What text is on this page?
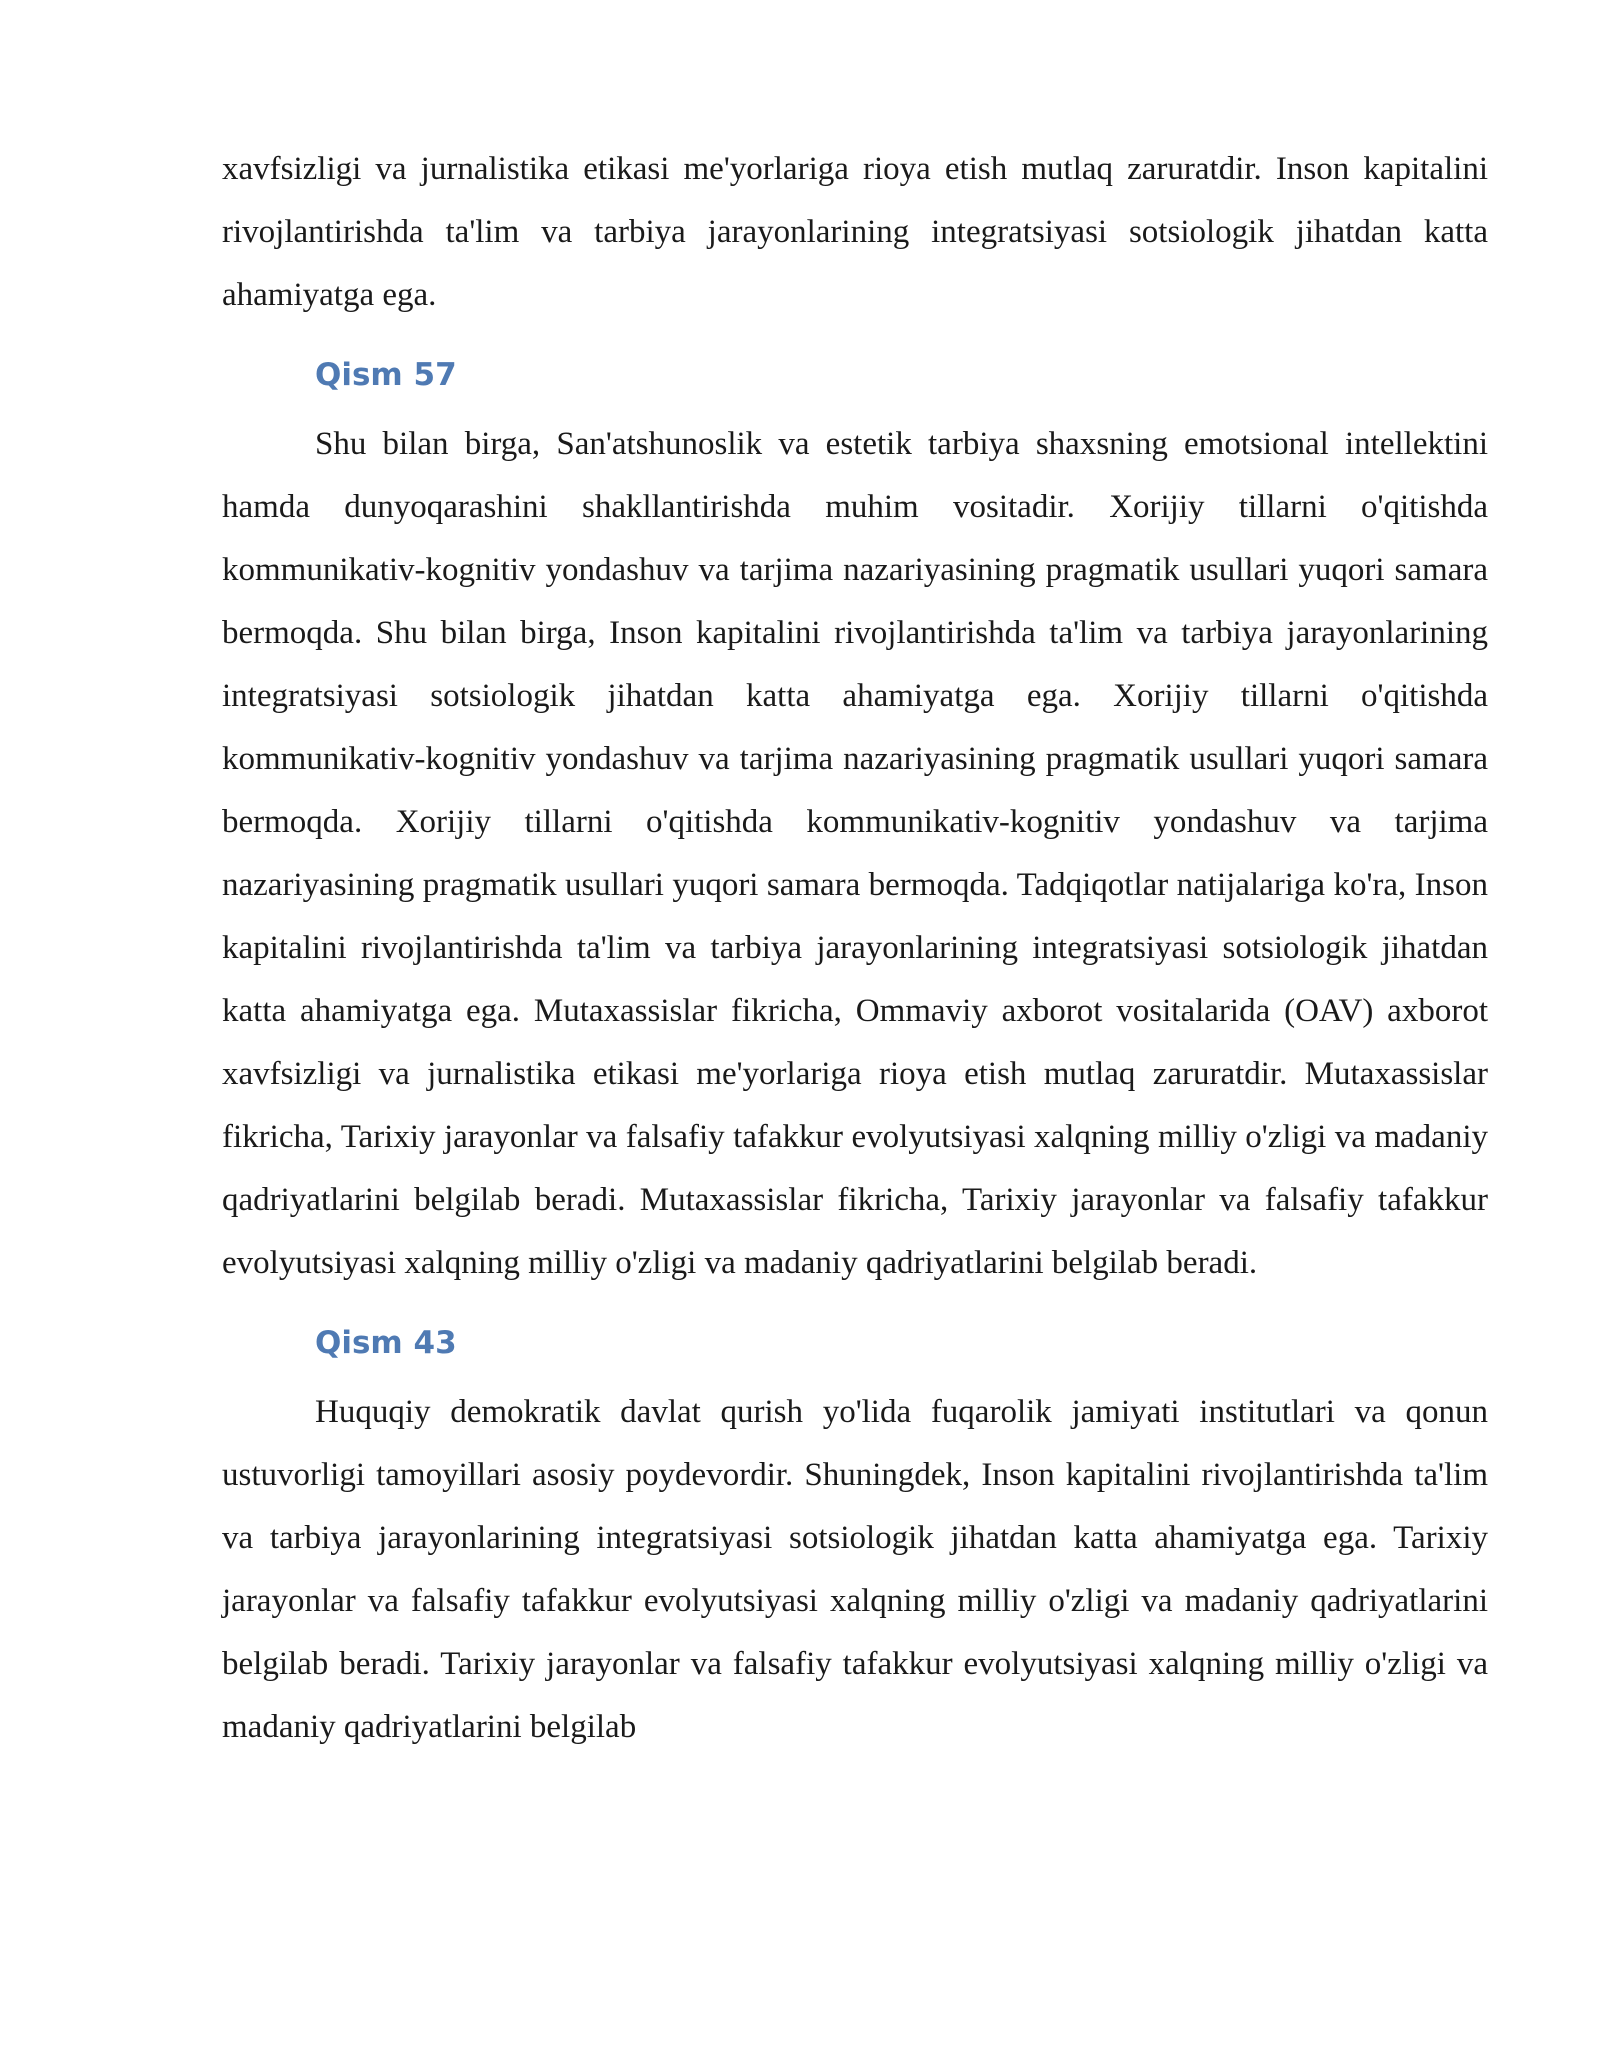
xavfsizligi va jurnalistika etikasi me'yorlariga rioya etish mutlaq zaruratdir. Inson kapitalini rivojlantirishda ta'lim va tarbiya jarayonlarining integratsiyasi sotsiologik jihatdan katta ahamiyatga ega.

Qism 57

Shu bilan birga, San'atshunoslik va estetik tarbiya shaxsning emotsional intellektini hamda dunyoqarashini shakllantirishda muhim vositadir. Xorijiy tillarni o'qitishda kommunikativ-kognitiv yondashuv va tarjima nazariyasining pragmatik usullari yuqori samara bermoqda. Shu bilan birga, Inson kapitalini rivojlantirishda ta'lim va tarbiya jarayonlarining integratsiyasi sotsiologik jihatdan katta ahamiyatga ega. Xorijiy tillarni o'qitishda kommunikativ-kognitiv yondashuv va tarjima nazariyasining pragmatik usullari yuqori samara bermoqda. Xorijiy tillarni o'qitishda kommunikativ-kognitiv yondashuv va tarjima nazariyasining pragmatik usullari yuqori samara bermoqda. Tadqiqotlar natijalariga ko'ra, Inson kapitalini rivojlantirishda ta'lim va tarbiya jarayonlarining integratsiyasi sotsiologik jihatdan katta ahamiyatga ega. Mutaxassislar fikricha, Ommaviy axborot vositalarida (OAV) axborot xavfsizligi va jurnalistika etikasi me'yorlariga rioya etish mutlaq zaruratdir. Mutaxassislar fikricha, Tarixiy jarayonlar va falsafiy tafakkur evolyutsiyasi xalqning milliy o'zligi va madaniy qadriyatlarini belgilab beradi. Mutaxassislar fikricha, Tarixiy jarayonlar va falsafiy tafakkur evolyutsiyasi xalqning milliy o'zligi va madaniy qadriyatlarini belgilab beradi.

Qism 43

Huquqiy demokratik davlat qurish yo'lida fuqarolik jamiyati institutlari va qonun ustuvorligi tamoyillari asosiy poydevordir. Shuningdek, Inson kapitalini rivojlantirishda ta'lim va tarbiya jarayonlarining integratsiyasi sotsiologik jihatdan katta ahamiyatga ega. Tarixiy jarayonlar va falsafiy tafakkur evolyutsiyasi xalqning milliy o'zligi va madaniy qadriyatlarini belgilab beradi. Tarixiy jarayonlar va falsafiy tafakkur evolyutsiyasi xalqning milliy o'zligi va madaniy qadriyatlarini belgilab
